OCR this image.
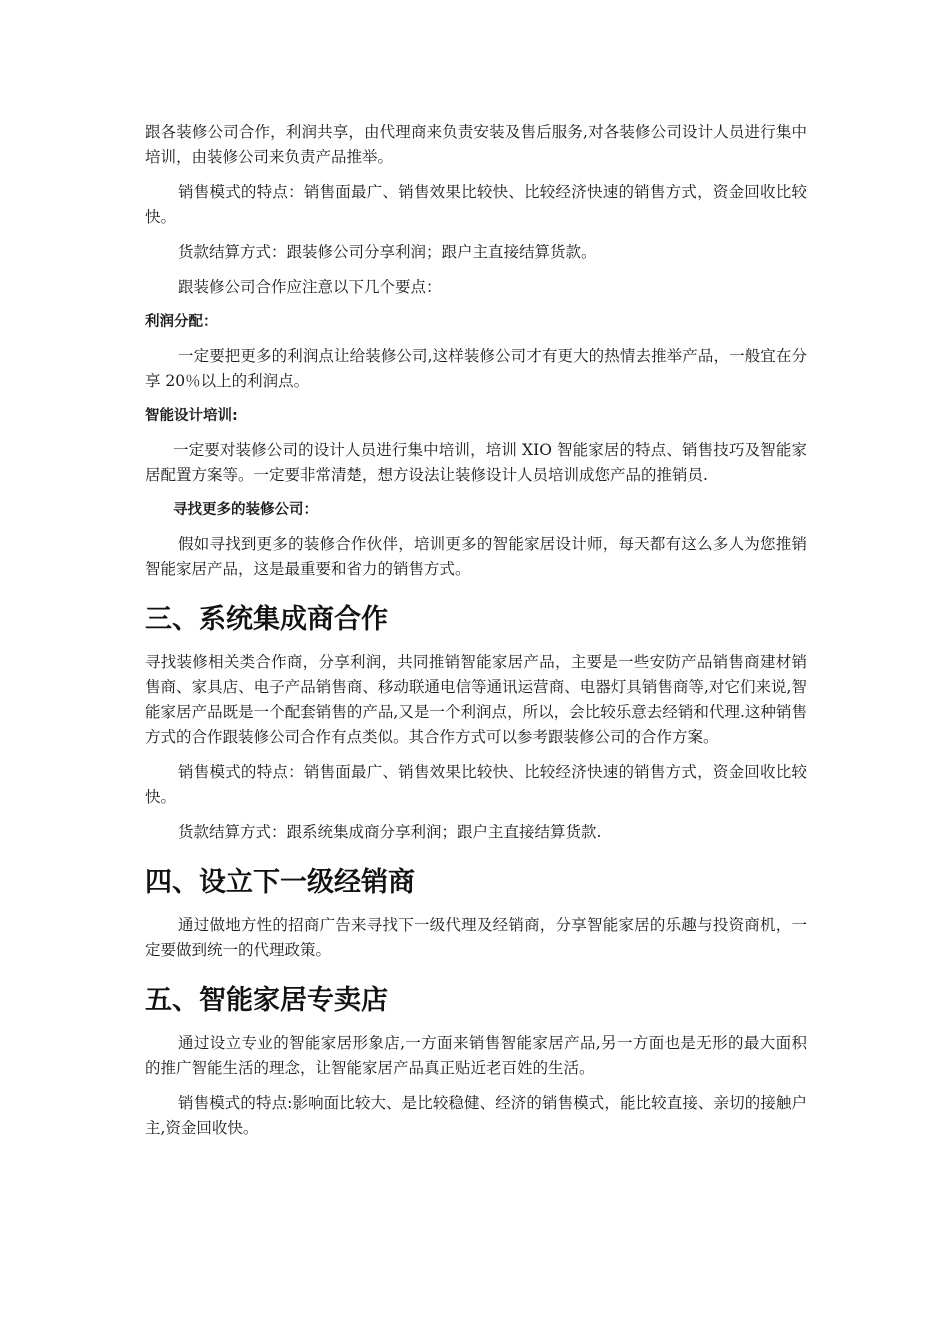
跟各装修公司合作，利润共享，由代理商来负责安装及售后服务,对各装修公司设计人员进行集中培训，由装修公司来负责产品推举。

销售模式的特点：销售面最广、销售效果比较快、比较经济快速的销售方式，资金回收比较快。

货款结算方式：跟装修公司分享利润；跟户主直接结算货款。

跟装修公司合作应注意以下几个要点：

利润分配：

一定要把更多的利润点让给装修公司,这样装修公司才有更大的热情去推举产品，一般宜在分享 20％以上的利润点。

智能设计培训:

一定要对装修公司的设计人员进行集中培训，培训 XIO 智能家居的特点、销售技巧及智能家居配置方案等。一定要非常清楚，想方设法让装修设计人员培训成您产品的推销员.

寻找更多的装修公司：

假如寻找到更多的装修合作伙伴，培训更多的智能家居设计师，每天都有这么多人为您推销智能家居产品，这是最重要和省力的销售方式。

三、系统集成商合作

寻找装修相关类合作商，分享利润，共同推销智能家居产品，主要是一些安防产品销售商建材销售商、家具店、电子产品销售商、移动联通电信等通讯运营商、电器灯具销售商等,对它们来说,智能家居产品既是一个配套销售的产品,又是一个利润点，所以，会比较乐意去经销和代理.这种销售方式的合作跟装修公司合作有点类似。其合作方式可以参考跟装修公司的合作方案。

销售模式的特点：销售面最广、销售效果比较快、比较经济快速的销售方式，资金回收比较快。

货款结算方式：跟系统集成商分享利润；跟户主直接结算货款.

四、设立下一级经销商

通过做地方性的招商广告来寻找下一级代理及经销商，分享智能家居的乐趣与投资商机，一定要做到统一的代理政策。

五、智能家居专卖店

通过设立专业的智能家居形象店,一方面来销售智能家居产品,另一方面也是无形的最大面积的推广智能生活的理念，让智能家居产品真正贴近老百姓的生活。

销售模式的特点:影响面比较大、是比较稳健、经济的销售模式，能比较直接、亲切的接触户主,资金回收快。
